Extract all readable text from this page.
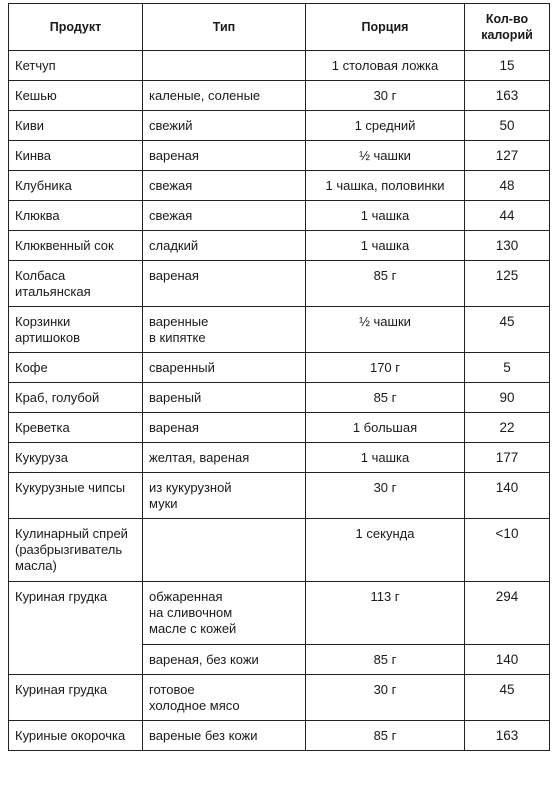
Продукт	Тип	Порция	Кол-во
калорий

Кетчуп		1 столовая ложка	15

Кешью	каленые, соленые	30 г	163

Киви	свежий	1 средний	50

Кинва	вареная	½ чашки	127

Клубника	свежая	1 чашка, половинки	48

Клюква	свежая	1 чашка	44

Клюквенный сок	сладкий	1 чашка	130

Колбаса
итальянская	вареная	85 г	125

Корзинки
артишоков	варенные
в кипятке	½ чашки	45

Кофе	сваренный	170 г	5

Краб, голубой	вареный	85 г	90

Креветка	вареная	1 большая	22

Кукуруза	желтая, вареная	1 чашка	177

Кукурузные чипсы	из кукурузной
муки	30 г	140

Кулинарный спрей
(разбрызгиватель
масла)		1 секунда	<10

Куриная грудка	обжаренная
на сливочном
масле с кожей	113 г	294

	вареная, без кожи	85 г	140

Куриная грудка	готовое
холодное мясо	30 г	45

Куриные окорочка	вареные без кожи	85 г	163
